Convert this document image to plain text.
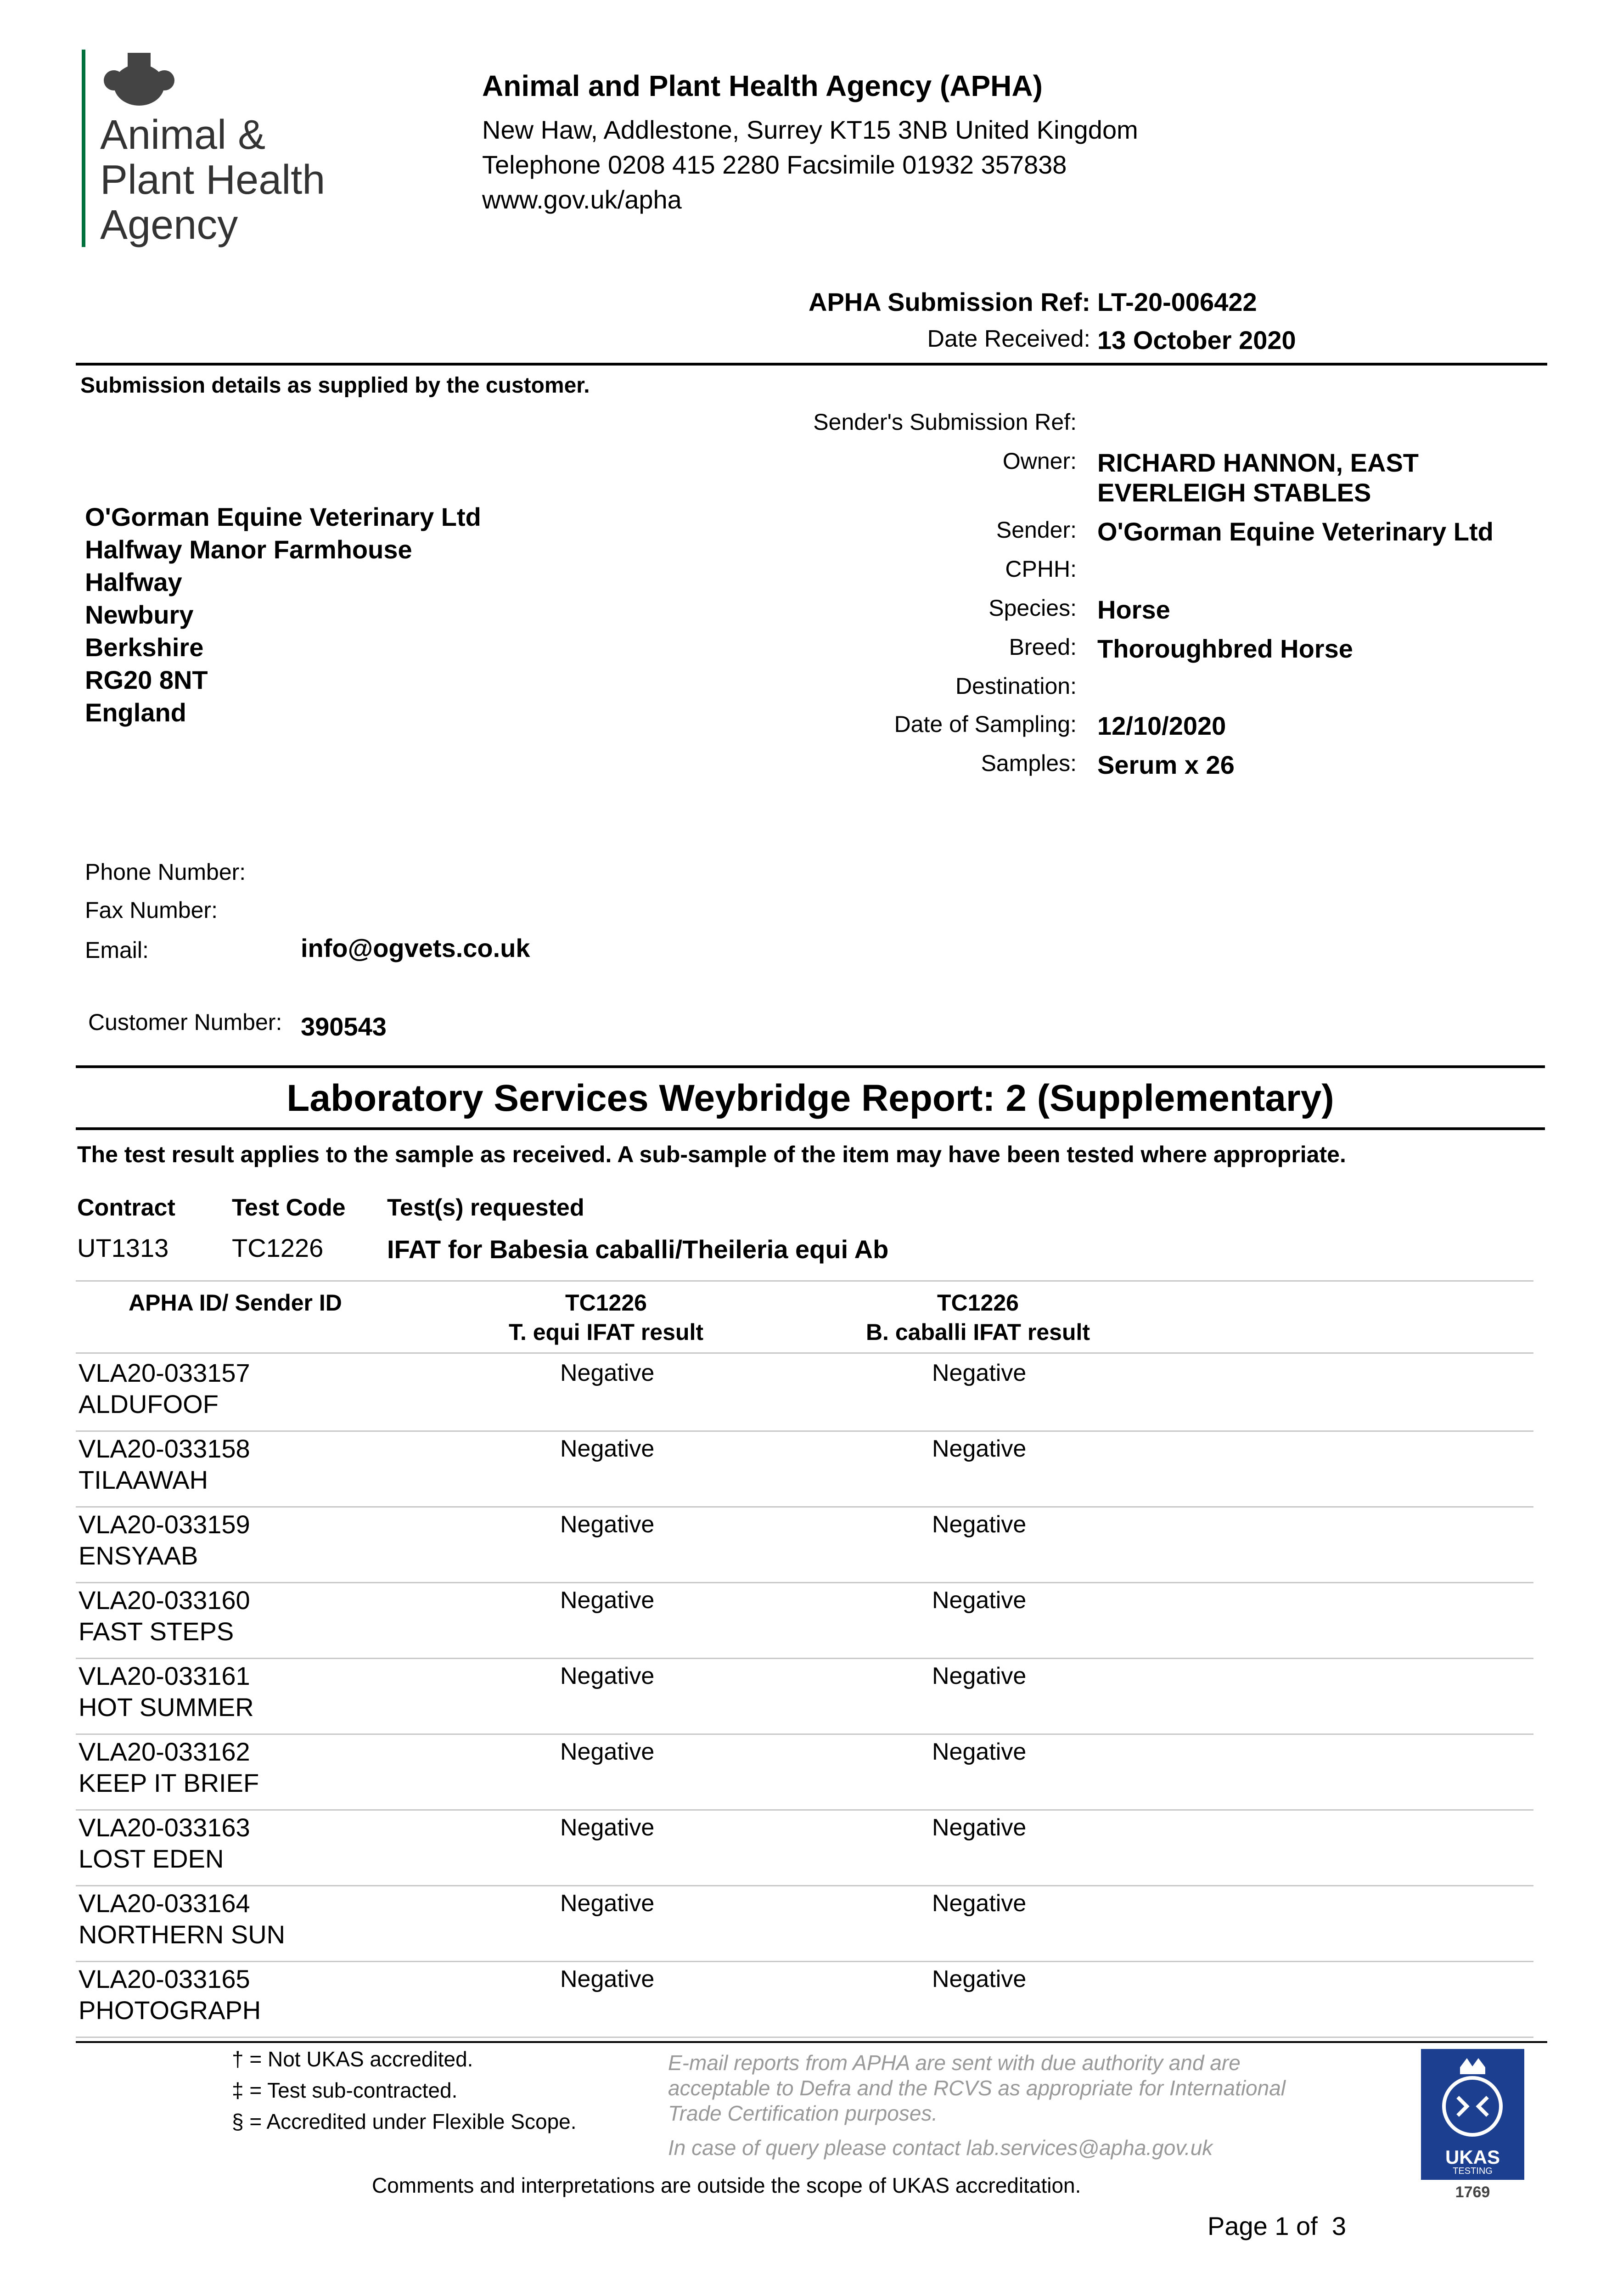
Animal &
Plant Health
Agency
Animal and Plant Health Agency (APHA)
New Haw, Addlestone, Surrey KT15 3NB United Kingdom
Telephone 0208 415 2280 Facsimile 01932 357838
www.gov.uk/apha
APHA Submission Ref: LT-20-006422
Date Received: 13 October 2020
Submission details as supplied by the customer.
O'Gorman Equine Veterinary Ltd
Halfway Manor Farmhouse
Halfway
Newbury
Berkshire
RG20 8NT
England
Sender's Submission Ref:
Owner: RICHARD HANNON, EAST
EVERLEIGH STABLES
Sender: O'Gorman Equine Veterinary Ltd
CPHH:
Species: Horse
Breed: Thoroughbred Horse
Destination:
Date of Sampling: 12/10/2020
Samples: Serum x 26
Phone Number:
Fax Number:
Email:	info@ogvets.co.uk
Customer Number: 390543
Laboratory Services Weybridge Report: 2 (Supplementary)
The test result applies to the sample as received. A sub-sample of the item may have been tested where appropriate.
Contract Test Code Test(s) requested
UT1313 TC1226 IFAT for Babesia caballi/Theileria equi Ab
APHA ID/ Sender ID	TC1226
T. equi IFAT result
TC1226
B. caballi IFAT result
VLA20-033157
ALDUFOOF
Negative	Negative
VLA20-033158
TILAAWAH
Negative	Negative
VLA20-033159
ENSYAAB
Negative	Negative
VLA20-033160
FAST STEPS
Negative	Negative
VLA20-033161
HOT SUMMER
Negative	Negative
VLA20-033162
KEEP IT BRIEF
Negative	Negative
VLA20-033163
LOST EDEN
Negative	Negative
VLA20-033164
NORTHERN SUN
Negative	Negative
VLA20-033165
PHOTOGRAPH
Negative	Negative
† = Not UKAS accredited.
‡ = Test sub-contracted.
§ = Accredited under Flexible Scope.
E-mail reports from APHA are sent with due authority and are
acceptable to Defra and the RCVS as appropriate for International
Trade Certification purposes.
In case of query please contact lab.services@apha.gov.uk
Comments and interpretations are outside the scope of UKAS accreditation.
UKAS
TESTING
1769
Page 1 of  3
